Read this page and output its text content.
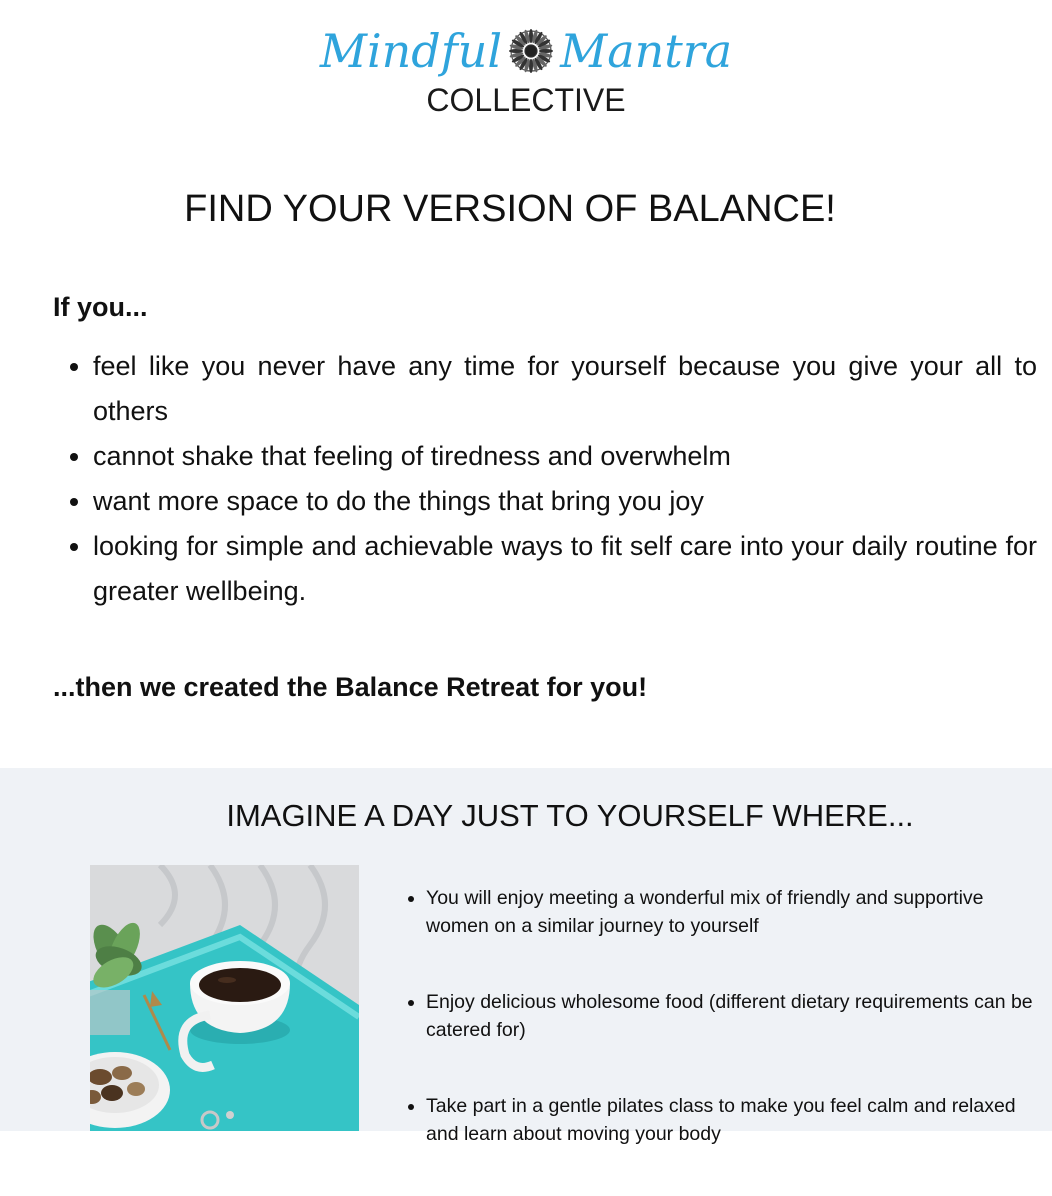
Mindful Mantra
COLLECTIVE
FIND YOUR VERSION OF BALANCE!

If you...

• feel like you never have any time for yourself because you give your all to others
• cannot shake that feeling of tiredness and overwhelm
• want more space to do the things that bring you joy
• looking for simple and achievable ways to fit self care into your daily routine for greater wellbeing.

...then we created the Balance Retreat for you!

IMAGINE A DAY JUST TO YOURSELF WHERE...
• You will enjoy meeting a wonderful mix of friendly and supportive women on a similar journey to yourself
• Enjoy delicious wholesome food (different dietary requirements can be catered for)
• Take part in a gentle pilates class to make you feel calm and relaxed and learn about moving your body
